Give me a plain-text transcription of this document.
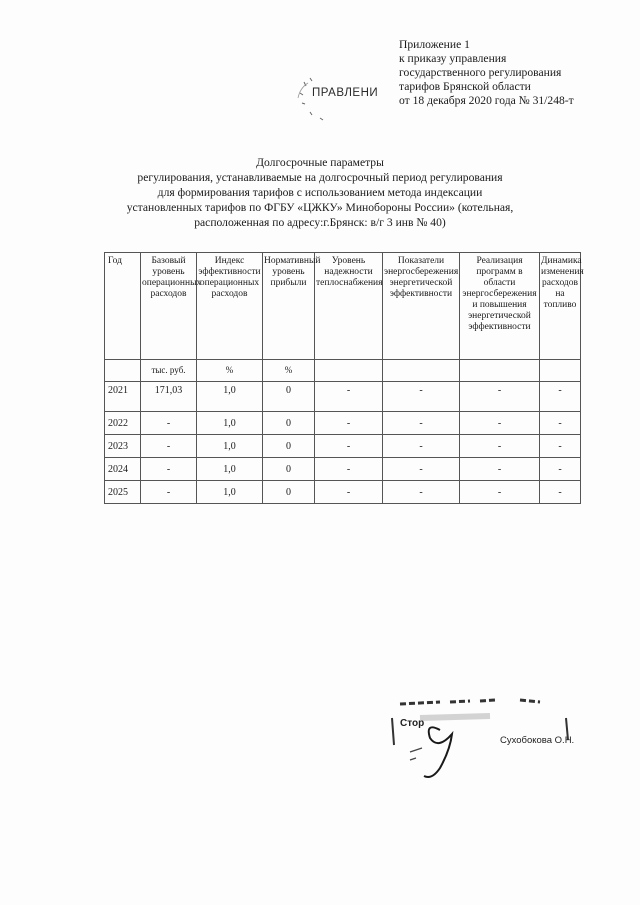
Приложение 1
к приказу управления
государственного регулирования
тарифов Брянской области
от 18 декабря 2020 года № 31/248-т
ПРАВЛЕНИ
Долгосрочные параметры
регулирования, устанавливаемые на долгосрочный период регулирования
для формирования тарифов с использованием метода индексации
установленных тарифов по ФГБУ «ЦЖКУ» Минобороны России» (котельная,
расположенная по адресу:г.Брянск: в/г 3 инв № 40)
Год	Базовый уровень операционных расходов	Индекс эффективности операционных расходов	Нормативный уровень прибыли	Уровень надежности теплоснабжения	Показатели энергосбережения энергетической эффективности	Реализация программ в области энергосбережения и повышения энергетической эффективности	Динамика изменения расходов на топливо
	тыс. руб.	%	%				
2021	171,03	1,0	0	-	-	-	-
2022	-	1,0	0	-	-	-	-
2023	-	1,0	0	-	-	-	-
2024	-	1,0	0	-	-	-	-
2025	-	1,0	0	-	-	-	-
Стор
Сухобокова О.Н.
